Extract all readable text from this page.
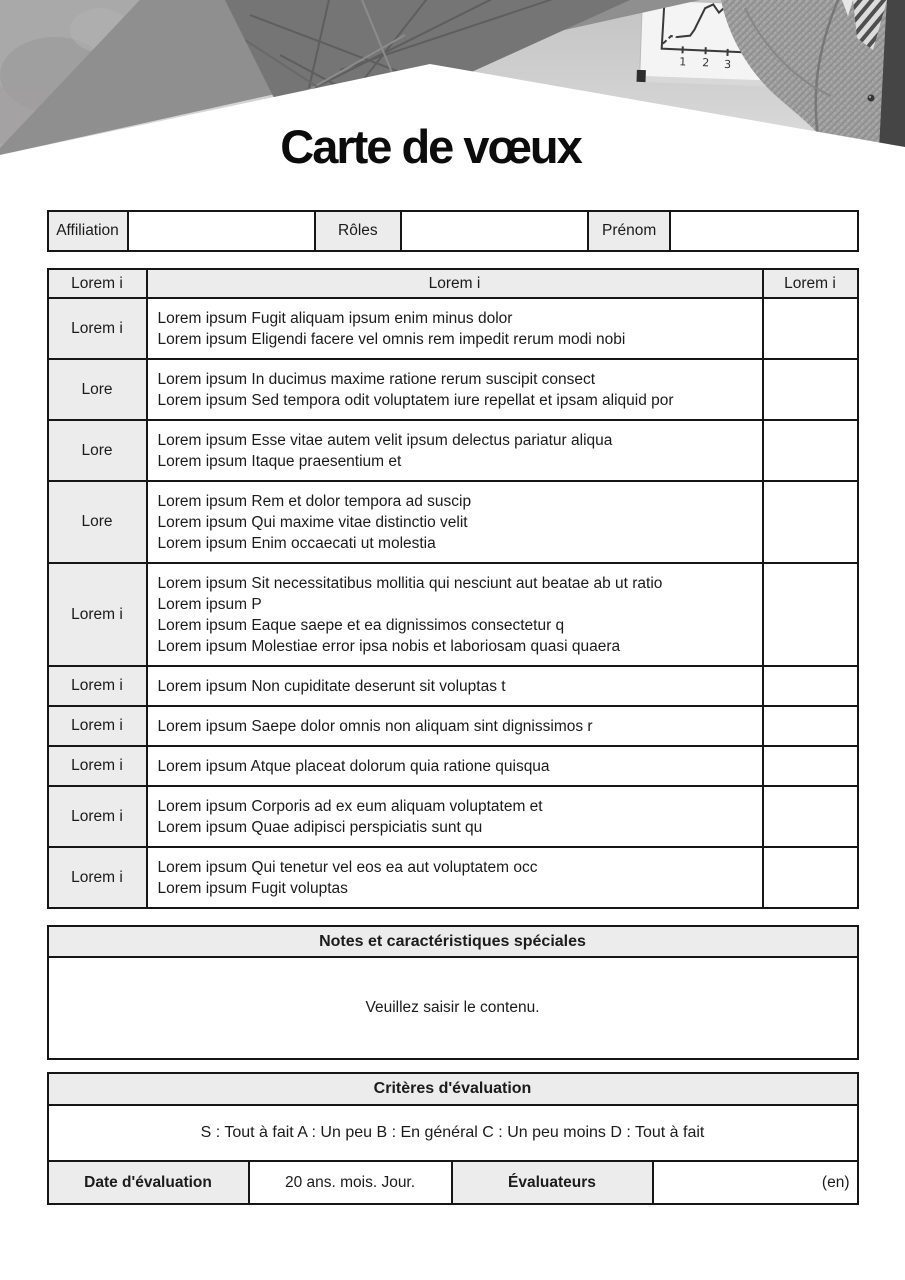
1 2 3
Carte de vœux
Affiliation	Rôles	Prénom
Lorem i	Lorem i	Lorem i
Lorem i	Lorem ipsum Fugit aliquam ipsum enim minus dolor
Lorem ipsum Eligendi facere vel omnis rem impedit rerum modi nobi	

Lore	Lorem ipsum In ducimus maxime ratione rerum suscipit consect
Lorem ipsum Sed tempora odit voluptatem iure repellat et ipsam aliquid por	

Lore	Lorem ipsum Esse vitae autem velit ipsum delectus pariatur aliqua
Lorem ipsum Itaque praesentium et	

Lore	Lorem ipsum Rem et dolor tempora ad suscip
Lorem ipsum Qui maxime vitae distinctio velit
Lorem ipsum Enim occaecati ut molestia	

Lorem i	Lorem ipsum Sit necessitatibus mollitia qui nesciunt aut beatae ab ut ratio
Lorem ipsum P
Lorem ipsum Eaque saepe et ea dignissimos consectetur q
Lorem ipsum Molestiae error ipsa nobis et laboriosam quasi quaera	

Lorem i	Lorem ipsum Non cupiditate deserunt sit voluptas t	

Lorem i	Lorem ipsum Saepe dolor omnis non aliquam sint dignissimos r	

Lorem i	Lorem ipsum Atque placeat dolorum quia ratione quisqua	

Lorem i	Lorem ipsum Corporis ad ex eum aliquam voluptatem et
Lorem ipsum Quae adipisci perspiciatis sunt qu	

Lorem i	Lorem ipsum Qui tenetur vel eos ea aut voluptatem occ
Lorem ipsum Fugit voluptas	

Notes et caractéristiques spéciales
Veuillez saisir le contenu.
Critères d'évaluation
S : Tout à fait A : Un peu B : En général C : Un peu moins D : Tout à fait
Date d'évaluation	20 ans. mois. Jour.	Évaluateurs	(en)
